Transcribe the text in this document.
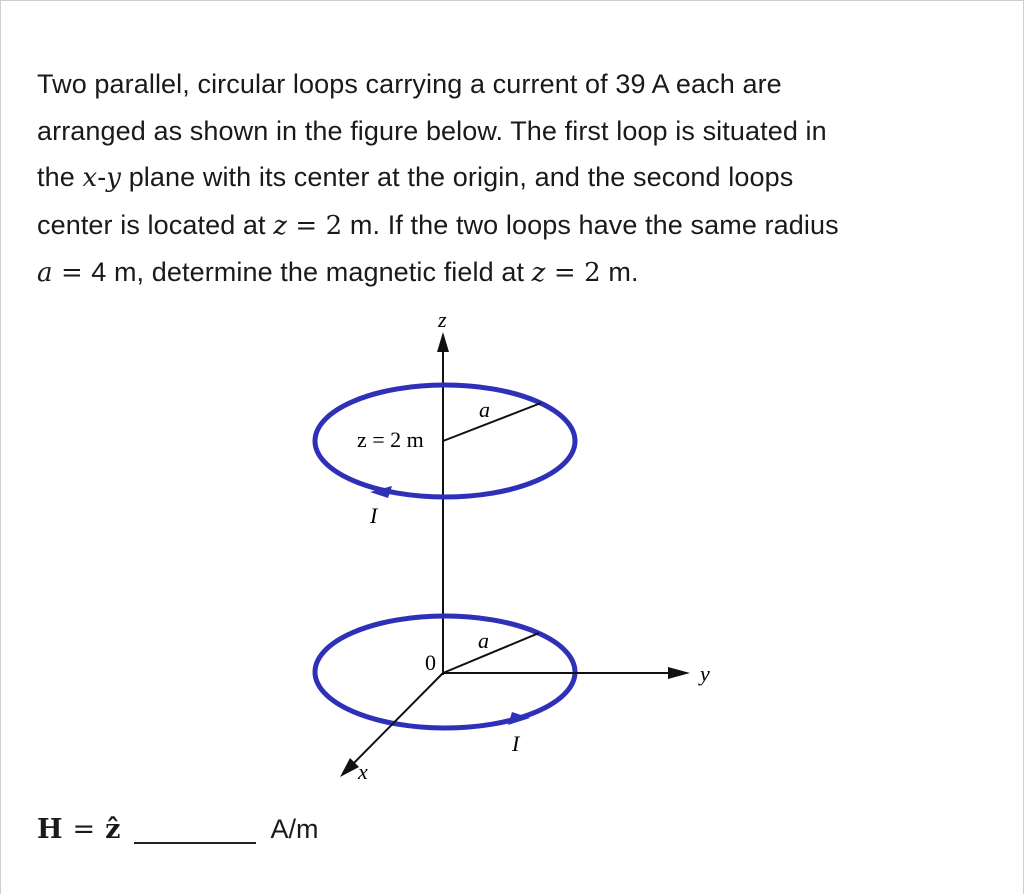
Two parallel, circular loops carrying a current of 39 A each are

arranged as shown in the figure below. The first loop is situated in

the x-y plane with its center at the origin, and the second loops

center is located at z = 2 m. If the two loops have the same radius

a = 4 m, determine the magnetic field at z = 2 m.

z
a
z = 2 m
I
a
0
I
y
x
H = ẑ	A/m
